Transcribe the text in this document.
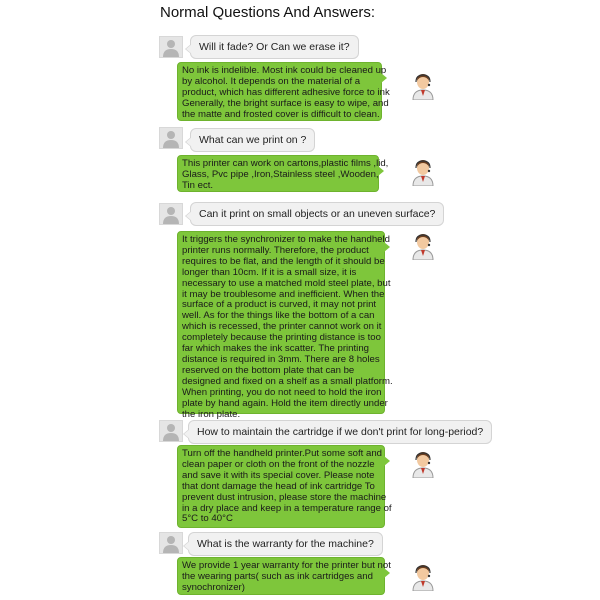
Normal Questions And Answers:
Will it fade? Or Can we erase it?
No ink is indelible. Most ink could be cleaned up
by alcohol. It depends on the material of a
product, which has different adhesive force to ink
Generally, the bright surface is easy to wipe, and
the matte and frosted cover is difficult to clean.
What can we print on ?
This printer can work on cartons,plastic films ,lid,
Glass, Pvc pipe ,Iron,Stainless steel ,Wooden,
Tin ect.
Can it print on small objects or an uneven surface?
It triggers the synchronizer to make the handheld
printer runs normally. Therefore, the product
requires to be flat, and the length of it should be
longer than 10cm. If it is a small size, it is
necessary to use a matched mold steel plate, but
it may be troublesome and inefficient. When the
surface of a product is curved, it may not print
well. As for the things like the bottom of a can
which is recessed, the printer cannot work on it
completely because the printing distance is too
far which makes the ink scatter. The printing
distance is required in 3mm. There are 8 holes
reserved on the bottom plate that can be
designed and fixed on a shelf as a small platform.
When printing, you do not need to hold the iron
plate by hand again. Hold the item directly under
the iron plate.
How to maintain the cartridge if we don't print for long-period?
Turn off the handheld printer.Put some soft and
clean paper or cloth on the front of the nozzle
and save it with its special cover. Please note
that dont damage the head of ink cartridge To
prevent dust intrusion, please store the machine
in a dry place and keep in a temperature range of
5°C to 40°C
What is the warranty for the machine?
We provide 1 year warranty for the printer but not
the wearing parts( such as ink cartridges and
synochronizer)
